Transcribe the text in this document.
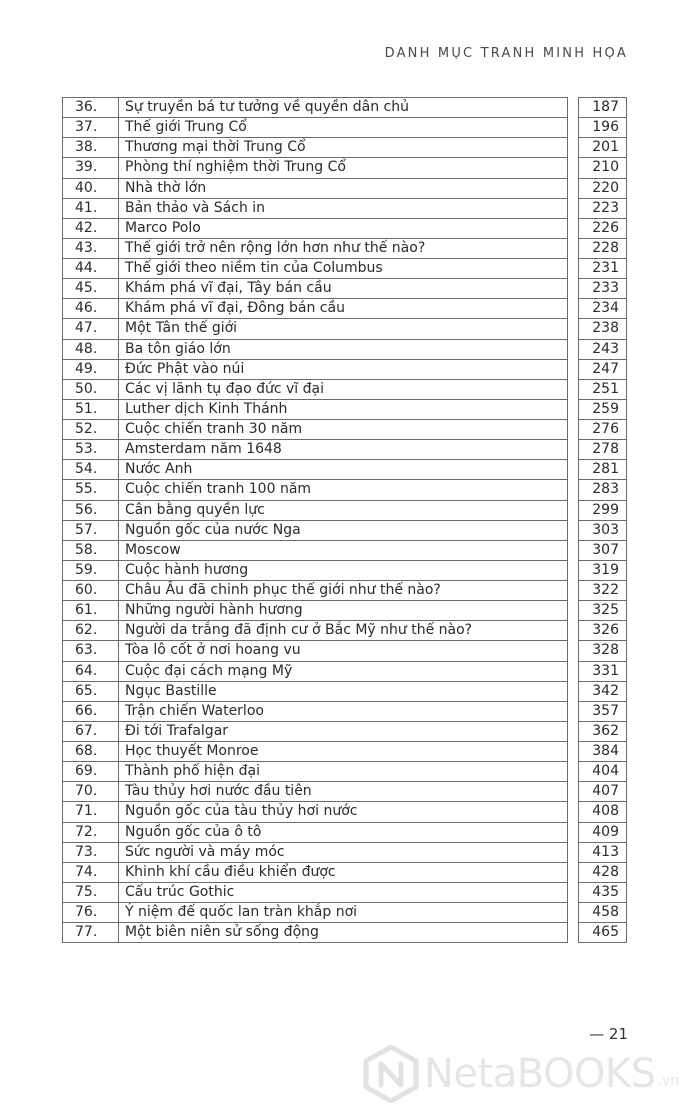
DANH MỤC TRANH MINH HỌA
36.	Sự truyền bá tư tưởng về quyền dân chủ		187
37.	Thế giới Trung Cổ		196
38.	Thương mại thời Trung Cổ		201
39.	Phòng thí nghiệm thời Trung Cổ		210
40.	Nhà thờ lớn		220
41.	Bản thảo và Sách in		223
42.	Marco Polo		226
43.	Thế giới trở nên rộng lớn hơn như thế nào?		228
44.	Thế giới theo niềm tin của Columbus		231
45.	Khám phá vĩ đại, Tây bán cầu		233
46.	Khám phá vĩ đại, Đông bán cầu		234
47.	Một Tân thế giới		238
48.	Ba tôn giáo lớn		243
49.	Đức Phật vào núi		247
50.	Các vị lãnh tụ đạo đức vĩ đại		251
51.	Luther dịch Kinh Thánh		259
52.	Cuộc chiến tranh 30 năm		276
53.	Amsterdam năm 1648		278
54.	Nước Anh		281
55.	Cuộc chiến tranh 100 năm		283
56.	Cân bằng quyền lực		299
57.	Nguồn gốc của nước Nga		303
58.	Moscow		307
59.	Cuộc hành hương		319
60.	Châu Âu đã chinh phục thế giới như thế nào?		322
61.	Những người hành hương		325
62.	Người da trắng đã định cư ở Bắc Mỹ như thế nào?		326
63.	Tòa lô cốt ở nơi hoang vu		328
64.	Cuộc đại cách mạng Mỹ		331
65.	Ngục Bastille		342
66.	Trận chiến Waterloo		357
67.	Đi tới Trafalgar		362
68.	Học thuyết Monroe		384
69.	Thành phố hiện đại		404
70.	Tàu thủy hơi nước đầu tiên		407
71.	Nguồn gốc của tàu thủy hơi nước		408
72.	Nguồn gốc của ô tô		409
73.	Sức người và máy móc		413
74.	Khinh khí cầu điều khiển được		428
75.	Cấu trúc Gothic		435
76.	Ý niệm đế quốc lan tràn khắp nơi		458
77.	Một biên niên sử sống động		465
— 21
NetaBOOKS .vn
